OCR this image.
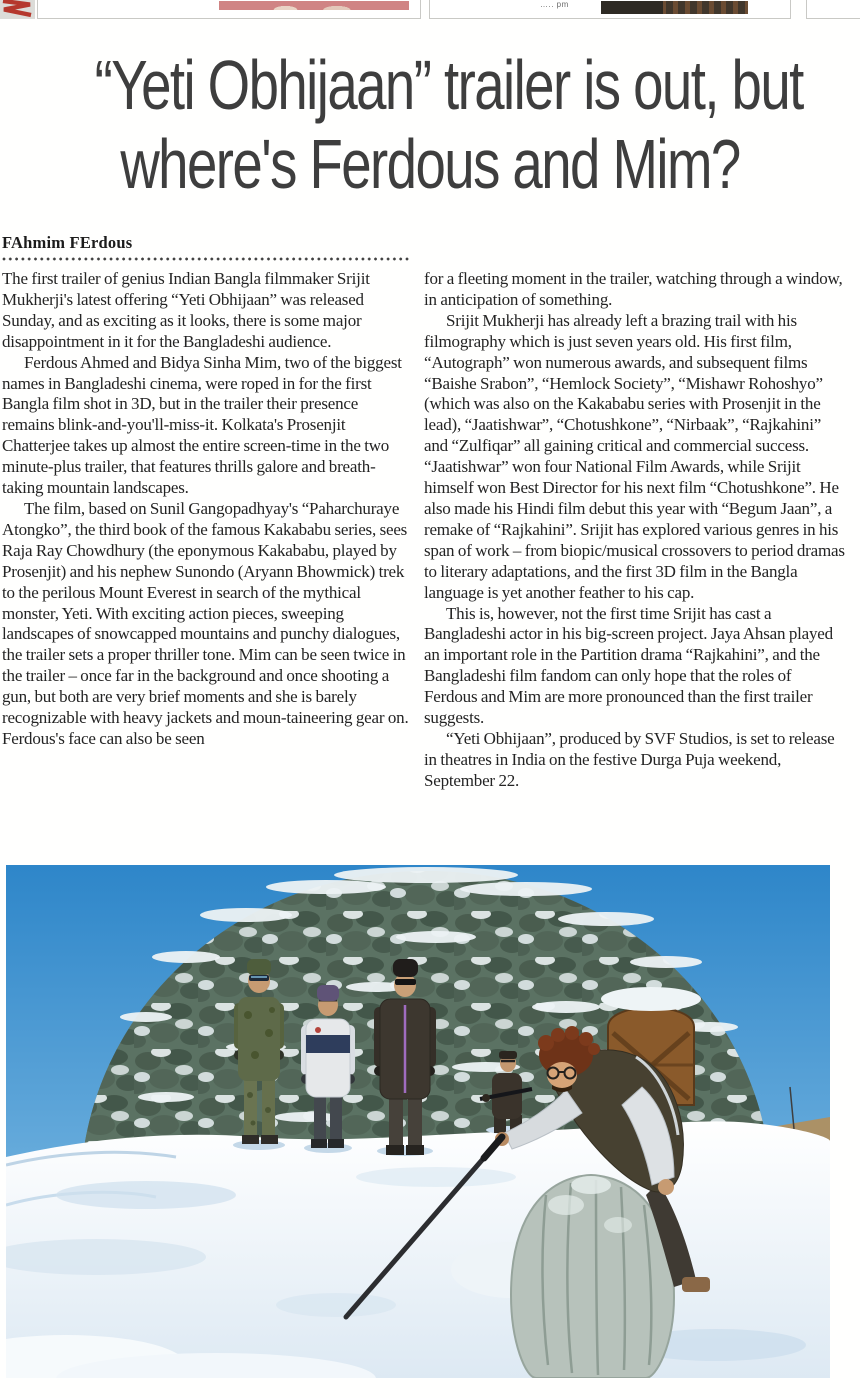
….. pm
“Yeti Obhijaan” trailer is out, but
where's Ferdous and Mim?
FAhmim FErdous

The first trailer of genius Indian Bangla filmmaker Srijit Mukherji's latest offering “Yeti Obhijaan” was released Sunday, and as exciting as it looks, there is some major disappointment in it for the Bangladeshi audience.

Ferdous Ahmed and Bidya Sinha Mim, two of the biggest names in Bangladeshi cinema, were roped in for the first Bangla film shot in 3D, but in the trailer their presence remains blink-and-you'll-miss-it. Kolkata's Prosenjit Chatterjee takes up almost the entire screen-time in the two minute-plus trailer, that features thrills galore and breath-taking mountain landscapes.

The film, based on Sunil Gangopadhyay's “Paharchuraye Atongko”, the third book of the famous Kakababu series, sees Raja Ray Chowdhury (the eponymous Kakababu, played by Prosenjit) and his nephew Sunondo (Aryann Bhowmick) trek to the perilous Mount Everest in search of the mythical monster, Yeti. With exciting action pieces, sweeping landscapes of snowcapped mountains and punchy dialogues, the trailer sets a proper thriller tone. Mim can be seen twice in the trailer – once far in the background and once shooting a gun, but both are very brief moments and she is barely recognizable with heavy jackets and moun-taineering gear on. Ferdous's face can also be seen

for a fleeting moment in the trailer, watching through a window, in anticipation of something.

Srijit Mukherji has already left a brazing trail with his filmography which is just seven years old. His first film, “Autograph” won numerous awards, and subsequent films “Baishe Srabon”, “Hemlock Society”, “Mishawr Rohoshyo” (which was also on the Kakababu series with Prosenjit in the lead), “Jaatishwar”, “Chotushkone”, “Nirbaak”, “Rajkahini” and “Zulfiqar” all gaining critical and commercial success. “Jaatishwar” won four National Film Awards, while Srijit himself won Best Director for his next film “Chotushkone”. He also made his Hindi film debut this year with “Begum Jaan”, a remake of “Rajkahini”. Srijit has explored various genres in his span of work – from biopic/musical crossovers to period dramas to literary adaptations, and the first 3D film in the Bangla language is yet another feather to his cap.

This is, however, not the first time Srijit has cast a Bangladeshi actor in his big-screen project. Jaya Ahsan played an important role in the Partition drama “Rajkahini”, and the Bangladeshi film fandom can only hope that the roles of Ferdous and Mim are more pronounced than the first trailer suggests.

“Yeti Obhijaan”, produced by SVF Studios, is set to release in theatres in India on the festive Durga Puja weekend, September 22.
